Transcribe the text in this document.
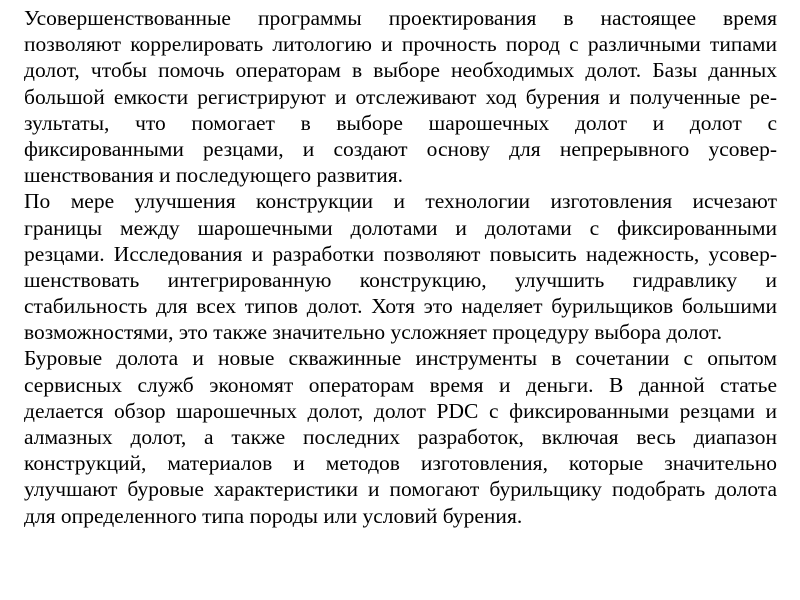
Усовершенствованные программы проектирования в настоящее время
позволяют коррелировать литологию и прочность пород с различными типами
долот, чтобы помочь операторам в выборе необходимых долот. Базы данных
большой емкости регистрируют и отслеживают ход бурения и полученные ре-
зультаты, что помогает в выборе шарошечных долот и долот с
фиксированными резцами, и создают основу для непрерывного усовер-
шенствования и последующего развития.
По мере улучшения конструкции и технологии изготовления исчезают
границы между шарошечными долотами и долотами с фиксированными
резцами. Исследования и разработки позволяют повысить надежность, усовер-
шенствовать интегрированную конструкцию, улучшить гидравлику и
стабильность для всех типов долот. Хотя это наделяет бурильщиков большими
возможностями, это также значительно усложняет процедуру выбора долот.
Буровые долота и новые скважинные инструменты в сочетании с опытом
сервисных служб экономят операторам время и деньги. В данной статье
делается обзор шарошечных долот, долот PDC с фиксированными резцами и
алмазных долот, а также последних разработок, включая весь диапазон
конструкций, материалов и методов изготовления, которые значительно
улучшают буровые характеристики и помогают бурильщику подобрать долота
для определенного типа породы или условий бурения.
